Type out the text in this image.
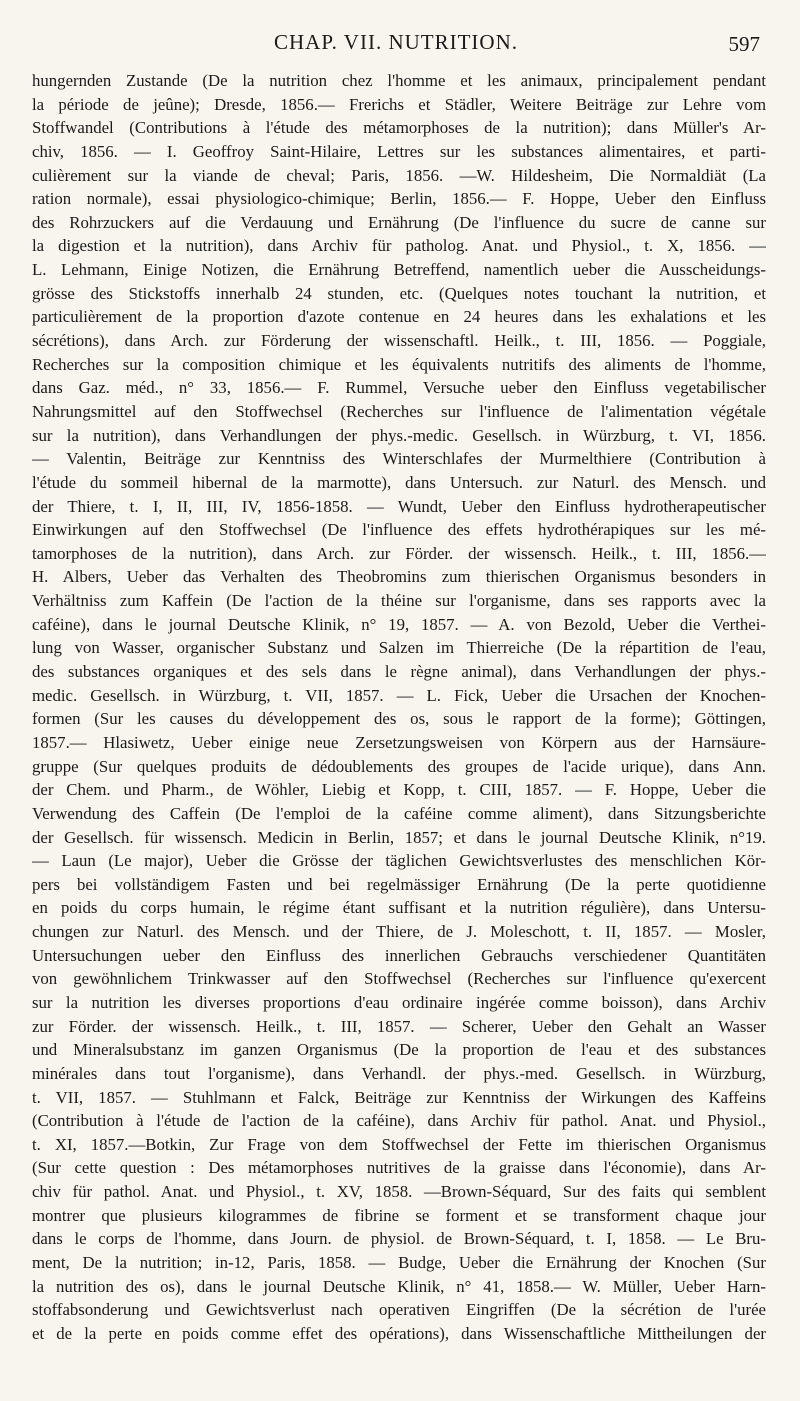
CHAP. VII. NUTRITION.	597
hungernden Zustande (De la nutrition chez l'homme et les animaux, principalement pendant
la période de jeûne); Dresde, 1856.— Frerichs et Städler, Weitere Beiträge zur Lehre vom
Stoffwandel (Contributions à l'étude des métamorphoses de la nutrition); dans Müller's Ar-
chiv, 1856. — I. Geoffroy Saint-Hilaire, Lettres sur les substances alimentaires, et parti-
culièrement sur la viande de cheval; Paris, 1856. —W. Hildesheim, Die Normaldiät (La
ration normale), essai physiologico-chimique; Berlin, 1856.— F. Hoppe, Ueber den Einfluss
des Rohrzuckers auf die Verdauung und Ernährung (De l'influence du sucre de canne sur
la digestion et la nutrition), dans Archiv für patholog. Anat. und Physiol., t. X, 1856. —
L. Lehmann, Einige Notizen, die Ernährung Betreffend, namentlich ueber die Ausscheidungs-
grösse des Stickstoffs innerhalb 24 stunden, etc. (Quelques notes touchant la nutrition, et
particulièrement de la proportion d'azote contenue en 24 heures dans les exhalations et les
sécrétions), dans Arch. zur Förderung der wissenschaftl. Heilk., t. III, 1856. — Poggiale,
Recherches sur la composition chimique et les équivalents nutritifs des aliments de l'homme,
dans Gaz. méd., n° 33, 1856.— F. Rummel, Versuche ueber den Einfluss vegetabilischer
Nahrungsmittel auf den Stoffwechsel (Recherches sur l'influence de l'alimentation végétale
sur la nutrition), dans Verhandlungen der phys.-medic. Gesellsch. in Würzburg, t. VI, 1856.
— Valentin, Beiträge zur Kenntniss des Winterschlafes der Murmelthiere (Contribution à
l'étude du sommeil hibernal de la marmotte), dans Untersuch. zur Naturl. des Mensch. und
der Thiere, t. I, II, III, IV, 1856-1858. — Wundt, Ueber den Einfluss hydrotherapeutischer
Einwirkungen auf den Stoffwechsel (De l'influence des effets hydrothérapiques sur les mé-
tamorphoses de la nutrition), dans Arch. zur Förder. der wissensch. Heilk., t. III, 1856.—
H. Albers, Ueber das Verhalten des Theobromins zum thierischen Organismus besonders in
Verhältniss zum Kaffein (De l'action de la théine sur l'organisme, dans ses rapports avec la
caféine), dans le journal Deutsche Klinik, n° 19, 1857. — A. von Bezold, Ueber die Verthei-
lung von Wasser, organischer Substanz und Salzen im Thierreiche (De la répartition de l'eau,
des substances organiques et des sels dans le règne animal), dans Verhandlungen der phys.-
medic. Gesellsch. in Würzburg, t. VII, 1857. — L. Fick, Ueber die Ursachen der Knochen-
formen (Sur les causes du développement des os, sous le rapport de la forme); Göttingen,
1857.— Hlasiwetz, Ueber einige neue Zersetzungsweisen von Körpern aus der Harnsäure-
gruppe (Sur quelques produits de dédoublements des groupes de l'acide urique), dans Ann.
der Chem. und Pharm., de Wöhler, Liebig et Kopp, t. CIII, 1857. — F. Hoppe, Ueber die
Verwendung des Caffein (De l'emploi de la caféine comme aliment), dans Sitzungsberichte
der Gesellsch. für wissensch. Medicin in Berlin, 1857; et dans le journal Deutsche Klinik, n°19.
— Laun (Le major), Ueber die Grösse der täglichen Gewichtsverlustes des menschlichen Kör-
pers bei vollständigem Fasten und bei regelmässiger Ernährung (De la perte quotidienne
en poids du corps humain, le régime étant suffisant et la nutrition régulière), dans Untersu-
chungen zur Naturl. des Mensch. und der Thiere, de J. Moleschott, t. II, 1857. — Mosler,
Untersuchungen ueber den Einfluss des innerlichen Gebrauchs verschiedener Quantitäten
von gewöhnlichem Trinkwasser auf den Stoffwechsel (Recherches sur l'influence qu'exercent
sur la nutrition les diverses proportions d'eau ordinaire ingérée comme boisson), dans Archiv
zur Förder. der wissensch. Heilk., t. III, 1857. — Scherer, Ueber den Gehalt an Wasser
und Mineralsubstanz im ganzen Organismus (De la proportion de l'eau et des substances
minérales dans tout l'organisme), dans Verhandl. der phys.-med. Gesellsch. in Würzburg,
t. VII, 1857. — Stuhlmann et Falck, Beiträge zur Kenntniss der Wirkungen des Kaffeins
(Contribution à l'étude de l'action de la caféine), dans Archiv für pathol. Anat. und Physiol.,
t. XI, 1857.—Botkin, Zur Frage von dem Stoffwechsel der Fette im thierischen Organismus
(Sur cette question : Des métamorphoses nutritives de la graisse dans l'économie), dans Ar-
chiv für pathol. Anat. und Physiol., t. XV, 1858. —Brown-Séquard, Sur des faits qui semblent
montrer que plusieurs kilogrammes de fibrine se forment et se transforment chaque jour
dans le corps de l'homme, dans Journ. de physiol. de Brown-Séquard, t. I, 1858. — Le Bru-
ment, De la nutrition; in-12, Paris, 1858. — Budge, Ueber die Ernährung der Knochen (Sur
la nutrition des os), dans le journal Deutsche Klinik, n° 41, 1858.— W. Müller, Ueber Harn-
stoffabsonderung und Gewichtsverlust nach operativen Eingriffen (De la sécrétion de l'urée
et de la perte en poids comme effet des opérations), dans Wissenschaftliche Mittheilungen der
